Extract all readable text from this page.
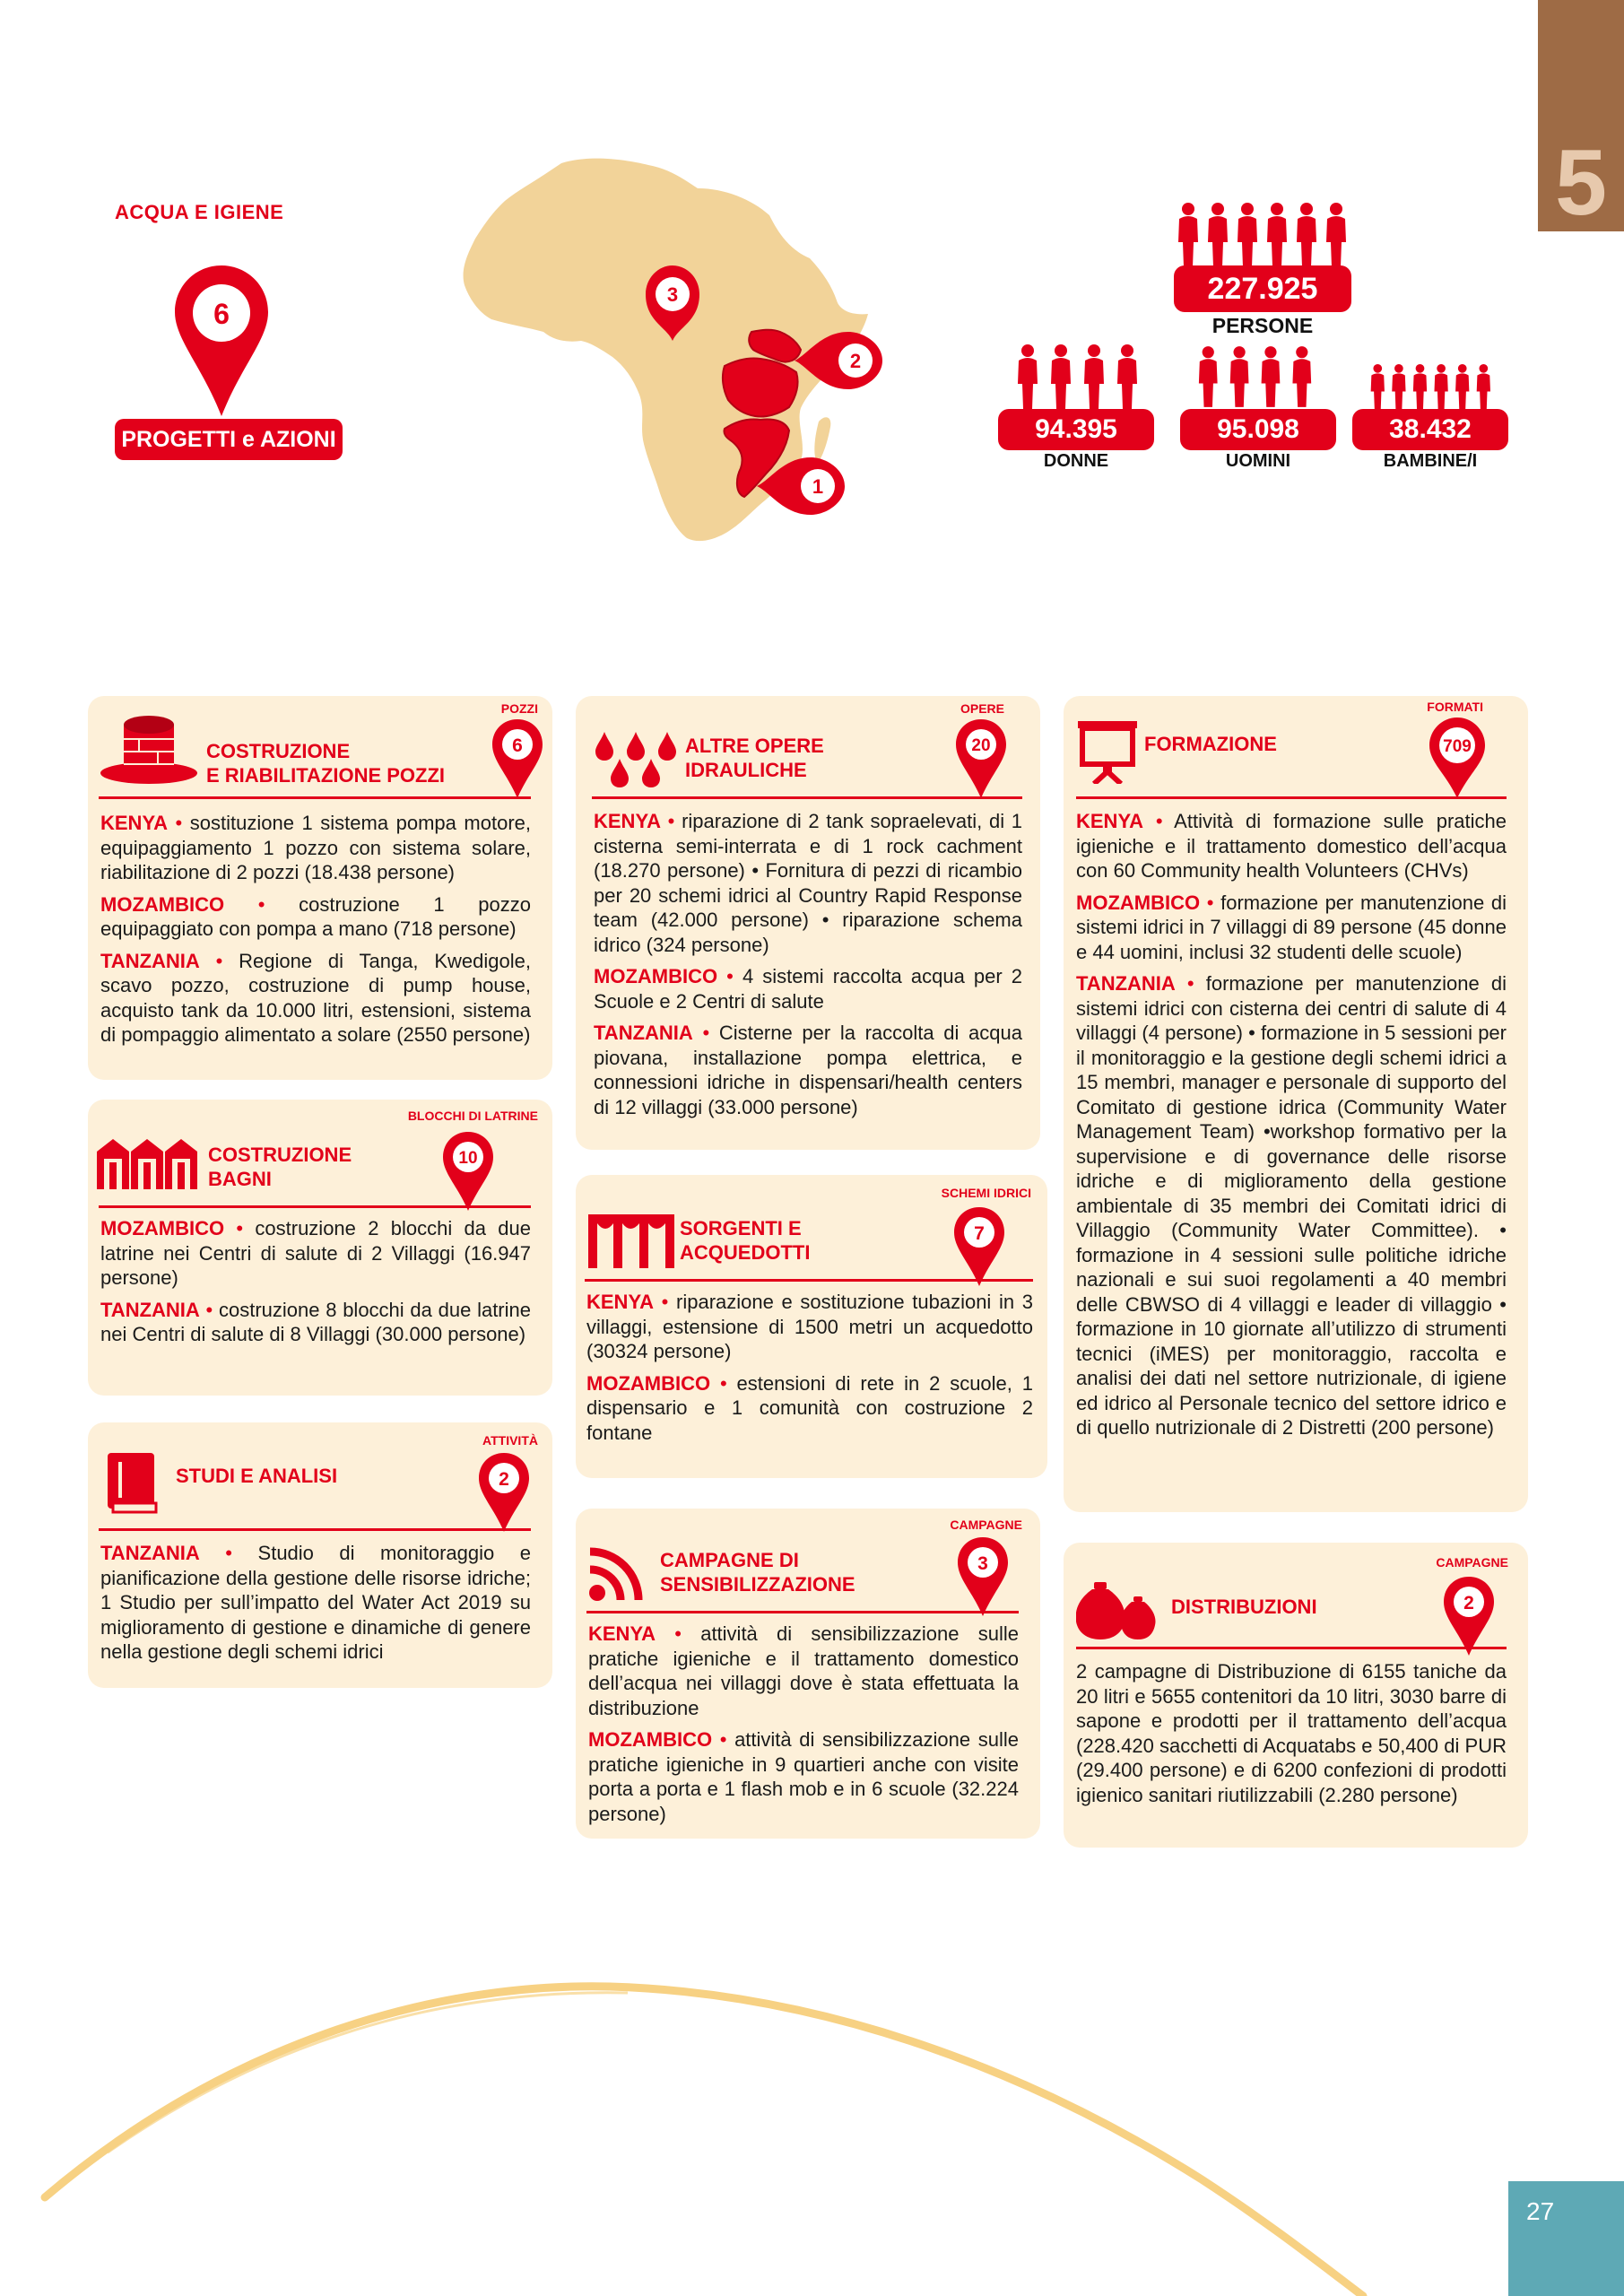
5
27
ACQUA E IGIENE
6
PROGETTI e AZIONI
3
2
1
227.925
PERSONE
94.395
DONNE
95.098
UOMINI
38.432
BAMBINE/I
COSTRUZIONE
E RIABILITAZIONE POZZI
POZZI
6

KENYA • sostituzione 1 sistema pompa motore, equipaggiamento 1 pozzo con sistema solare, riabilitazione di 2 pozzi (18.438 persone)

MOZAMBICO • costruzione 1 pozzo equipaggiato con pompa a mano (718 persone)

TANZANIA • Regione di Tanga, Kwedigole, scavo pozzo, costruzione di pump house, acquisto tank da 10.000 litri, estensioni, sistema di pompaggio alimentato a solare (2550 persone)

COSTRUZIONE
BAGNI
BLOCCHI DI LATRINE
10

MOZAMBICO • costruzione 2 blocchi da due latrine nei Centri di salute di 2 Villaggi (16.947 persone)

TANZANIA • costruzione 8 blocchi da due latrine nei Centri di salute di 8 Villaggi (30.000 persone)

STUDI E ANALISI
ATTIVITÀ
2

TANZANIA • Studio di monitoraggio e pianificazione della gestione delle risorse idriche; 1 Studio per sull’impatto del Water Act 2019 su miglioramento di gestione e dinamiche di genere nella gestione degli schemi idrici

ALTRE OPERE
IDRAULICHE
OPERE
20

KENYA • riparazione di 2 tank sopraelevati, di 1 cisterna semi-interrata e di 1 rock cachment (18.270 persone) • Fornitura di pezzi di ricambio per 20 schemi idrici al Country Rapid Response team (42.000 persone) • riparazione schema idrico (324 persone)

MOZAMBICO • 4 sistemi raccolta acqua per 2 Scuole e 2 Centri di salute

TANZANIA • Cisterne per la raccolta di acqua piovana, installazione pompa elettrica, e connessioni idriche in dispensari/health centers di 12 villaggi (33.000 persone)

SORGENTI E
ACQUEDOTTI
SCHEMI IDRICI
7

KENYA • riparazione e sostituzione tubazioni in 3 villaggi, estensione di 1500 metri un acquedotto (30324 persone)

MOZAMBICO • estensioni di rete in 2 scuole, 1 dispensario e 1 comunità con costruzione 2 fontane

CAMPAGNE DI
SENSIBILIZZAZIONE
CAMPAGNE
3

KENYA • attività di sensibilizzazione sulle pratiche igieniche e il trattamento domestico dell’acqua nei villaggi dove è stata effettuata la distribuzione

MOZAMBICO • attività di sensibilizzazione sulle pratiche igieniche in 9 quartieri anche con visite porta a porta e 1 flash mob e in 6 scuole (32.224 persone)

FORMAZIONE
FORMATI
709

KENYA • Attività di formazione sulle pratiche igieniche e il trattamento domestico dell’acqua con 60 Community health Volunteers (CHVs)

MOZAMBICO • formazione per manutenzione di sistemi idrici in 7 villaggi di 89 persone (45 donne e 44 uomini, inclusi 32 studenti delle scuole)

TANZANIA • formazione per manutenzione di sistemi idrici con cisterna dei centri di salute di 4 villaggi (4 persone) • formazione in 5 sessioni per il monitoraggio e la gestione degli schemi idrici a 15 membri, manager e personale di supporto del Comitato di gestione idrica (Community Water Management Team) •workshop formativo per la supervisione e di governance delle risorse idriche e di miglioramento della gestione ambientale di 35 membri dei Comitati idrici di Villaggio (Community Water Committee). • formazione in 4 sessioni sulle politiche idriche nazionali e sui suoi regolamenti a 40 membri delle CBWSO di 4 villaggi e leader di villaggio • formazione in 10 giornate all’utilizzo di strumenti tecnici (iMES) per monitoraggio, raccolta e analisi dei dati nel settore nutrizionale, di igiene ed idrico al Personale tecnico del settore idrico e di quello nutrizionale di 2 Distretti (200 persone)

DISTRIBUZIONI
CAMPAGNE
2

2 campagne di Distribuzione di 6155 taniche da 20 litri e 5655 contenitori da 10 litri, 3030 barre di sapone e prodotti per il trattamento dell’acqua (228.420 sacchetti di Acquatabs e 50,400 di PUR (29.400 persone) e di 6200 confezioni di prodotti igienico sanitari riutilizzabili (2.280 persone)
